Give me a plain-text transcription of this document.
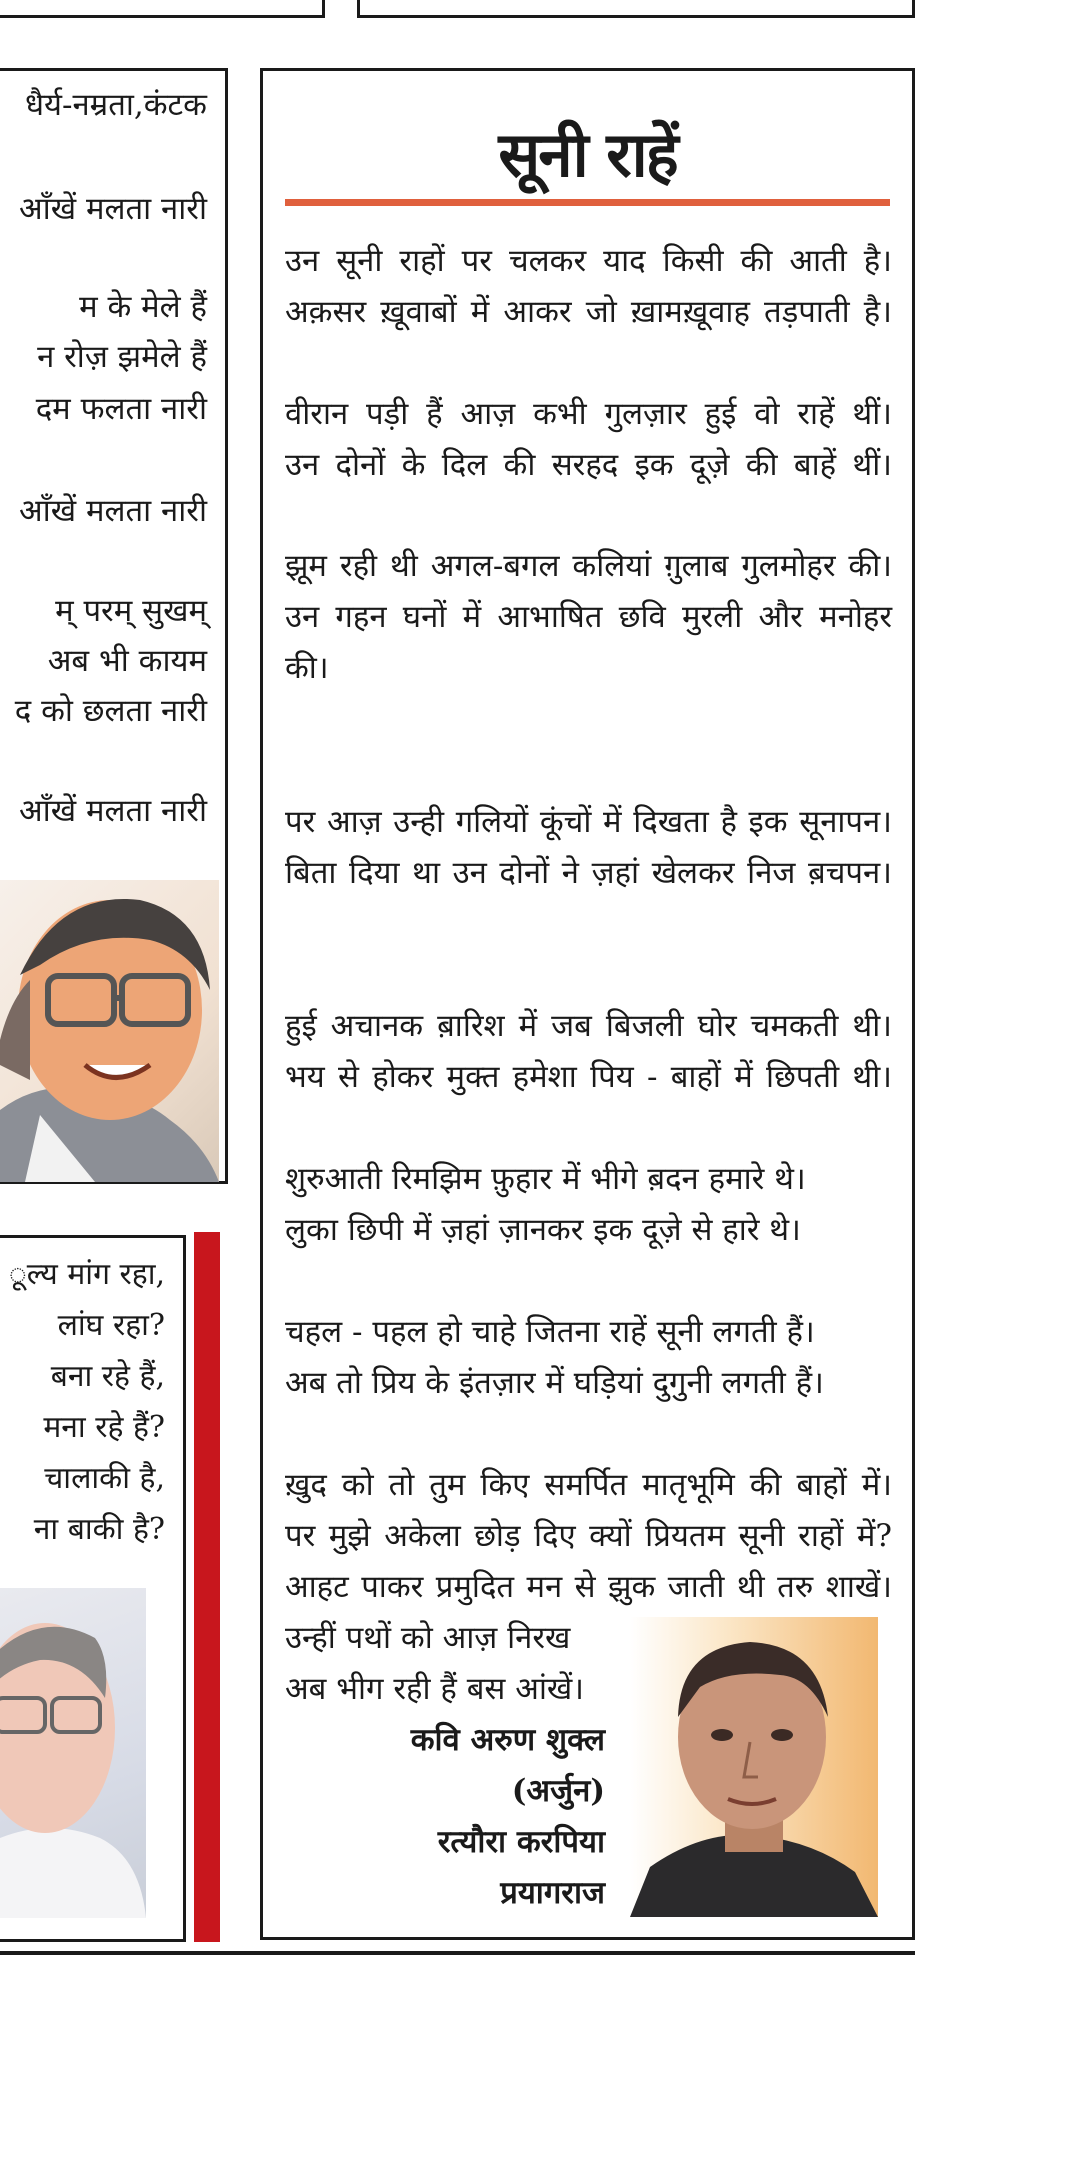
धैर्य-नम्रता,कंटक
आँखें मलता नारी
म के मेले हैं
न रोज़ झमेले हैं
दम फलता नारी
आँखें मलता नारी
म् परम् सुखम्
अब भी कायम
द को छलता नारी
आँखें मलता नारी
ूल्य मांग रहा,
लांघ रहा?
बना रहे हैं,
मना रहे हैं?
चालाकी है,
ना बाकी है?
सूनी राहें
उन सूनी राहों पर चलकर याद किसी की आती है।
अक़सर ख़ूवाबों में आकर जो ख़ामख़ूवाह तड़पाती है।
वीरान पड़ी हैं आज़ कभी गुलज़ार हुई वो राहें थीं।
उन दोनों के दिल की सरहद इक दूजे़ की बाहें थीं।
झूम रही थी अगल-बगल कलियां ग़ुलाब गुलमोहर की।
उन गहन घनों में आभाषित छवि मुरली और मनोहर की।
पर आज़ उन्ही गलियों कूंचों में दिखता है इक सूनापन।
बिता दिया था उन दोनों ने ज़हां खेलकर निज ब़चपन।
हुई अचानक ब़ारिश में जब बिजली घोर चमकती थी।
भय से होकर मुक्त हमेशा पिय - बाहों में छिपती थी।
शुरुआती रिमझिम फ़ुहार में भीगे ब़दन हमारे थे।
लुका छिपी में ज़हां ज़ानकर इक दूजे़ से हारे थे।
चहल - पहल हो चाहे जितना राहें सूनी लगती हैं।
अब तो प्रिय के इंतज़ार में घड़ियां दुगुनी लगती हैं।
ख़ुद को तो तुम किए समर्पित मातृभूमि की बाहों में।
पर मुझे अकेला छोड़ दिए क्यों प्रियतम सूनी राहों में?
आहट पाकर प्रमुदित मन से झुक जाती थी तरु शाखें।
उन्हीं पथों को आज़ निरख
अब भीग रही हैं बस आंखें।
कवि अरुण शुक्ल
(अर्जुन)
रत्यौरा करपिया
प्रयागराज
